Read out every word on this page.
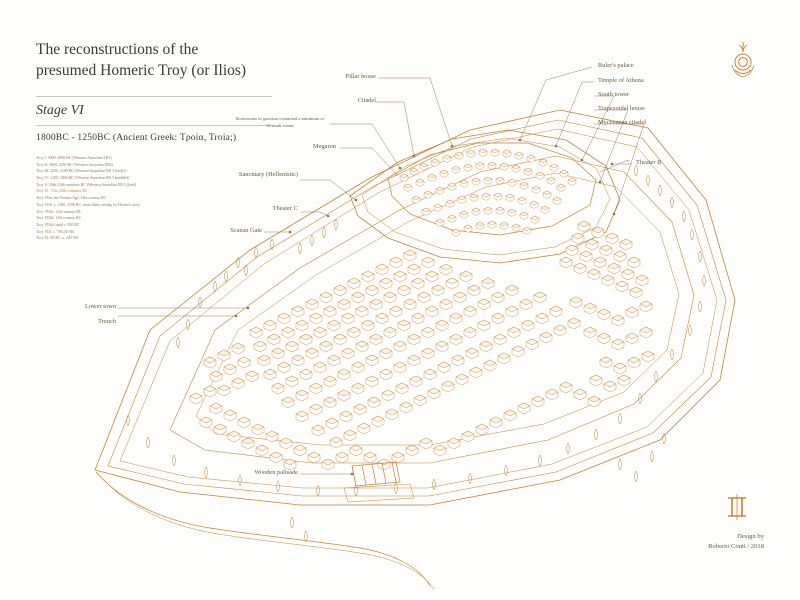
The reconstructions of the
presumed Homeric Troy (or Ilios)
Stage VI
1800BC - 1250BC (Ancient Greek: Τροία, Troia;)
Troy I: 3000–2600 BC (Western Anatolian EB1)
Troy II: 2600–2250 BC (Western Anatolian EB2)
Troy III: 2250–2100 BC (Western Anatolian EB 3 [early])
Troy IV: 2100–1950 BC (Western Anatolian EB 3 [middle])
Troy V: 20th–18th centuries BC (Western Anatolian EB 3 [late])
Troy VI: 17th–15th centuries BC
Troy VIIa: late Bronze Age, 14th century BC
Troy VIIb: c. 1300–1190 BC, most likely setting for Homer's story
Troy VIIb1: 12th century BC
Troy VIIb2: 11th century BC
Troy VIIb3: until c. 950 BC
Troy VIII: c. 700–85 BC
Troy IX: 85 BC–c. AD 500
Ruler's palace
Temple of Athena
South tower
Trapezoidal house
Mycenaean citadel
Theater B
Pillar house
Citadel
Storerooms or garrison contained a minimum or 12 small rooms
Megaron
Sanctuary (Hellenistic)
Theater C
Scaean Gate
Lower town
Trench
Wooden palisade
Design by
Roberto Conti / 2018
